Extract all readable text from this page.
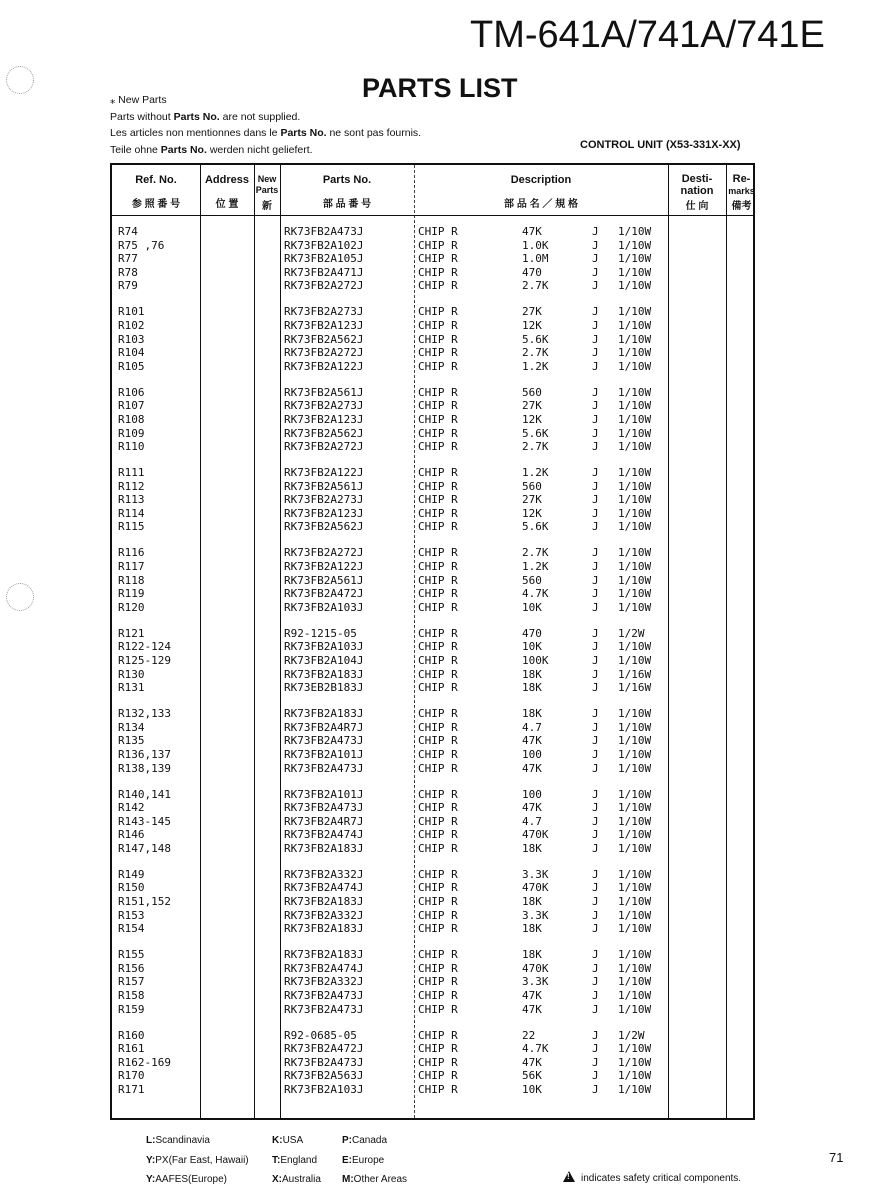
TM-641A/741A/741E
PARTS LIST
⁎ New Parts
Parts without Parts No. are not supplied.
Les articles non mentionnes dans le Parts No. ne sont pas fournis.
Teile ohne Parts No. werden nicht geliefert.	CONTROL UNIT (X53-331X-XX)
Ref. No.
参 照 番 号
Address
位 置
New
Parts
新
Parts No.
部 品 番 号
Description
部 品 名 ／ 規 格
Desti-
nation
仕 向
Re-
marks
備考
R74	RK73FB2A473J	CHIP R	47K	J 1/10W
R75 ,76	RK73FB2A102J	CHIP R	1.0K	J 1/10W
R77	RK73FB2A105J	CHIP R	1.0M	J 1/10W
R78	RK73FB2A471J	CHIP R	470	J 1/10W
R79	RK73FB2A272J	CHIP R	2.7K	J 1/10W
R101	RK73FB2A273J	CHIP R	27K	J 1/10W
R102	RK73FB2A123J	CHIP R	12K	J 1/10W
R103	RK73FB2A562J	CHIP R	5.6K	J 1/10W
R104	RK73FB2A272J	CHIP R	2.7K	J 1/10W
R105	RK73FB2A122J	CHIP R	1.2K	J 1/10W
R106	RK73FB2A561J	CHIP R	560	J 1/10W
R107	RK73FB2A273J	CHIP R	27K	J 1/10W
R108	RK73FB2A123J	CHIP R	12K	J 1/10W
R109	RK73FB2A562J	CHIP R	5.6K	J 1/10W
R110	RK73FB2A272J	CHIP R	2.7K	J 1/10W
R111	RK73FB2A122J	CHIP R	1.2K	J 1/10W
R112	RK73FB2A561J	CHIP R	560	J 1/10W
R113	RK73FB2A273J	CHIP R	27K	J 1/10W
R114	RK73FB2A123J	CHIP R	12K	J 1/10W
R115	RK73FB2A562J	CHIP R	5.6K	J 1/10W
R116	RK73FB2A272J	CHIP R	2.7K	J 1/10W
R117	RK73FB2A122J	CHIP R	1.2K	J 1/10W
R118	RK73FB2A561J	CHIP R	560	J 1/10W
R119	RK73FB2A472J	CHIP R	4.7K	J 1/10W
R120	RK73FB2A103J	CHIP R	10K	J 1/10W
R121	R92-1215-05	CHIP R	470	J 1/2W
R122-124	RK73FB2A103J	CHIP R	10K	J 1/10W
R125-129	RK73FB2A104J	CHIP R	100K	J 1/10W
R130	RK73FB2A183J	CHIP R	18K	J 1/16W
R131	RK73EB2B183J	CHIP R	18K	J 1/16W
R132,133	RK73FB2A183J	CHIP R	18K	J 1/10W
R134	RK73FB2A4R7J	CHIP R	4.7	J 1/10W
R135	RK73FB2A473J	CHIP R	47K	J 1/10W
R136,137	RK73FB2A101J	CHIP R	100	J 1/10W
R138,139	RK73FB2A473J	CHIP R	47K	J 1/10W
R140,141	RK73FB2A101J	CHIP R	100	J 1/10W
R142	RK73FB2A473J	CHIP R	47K	J 1/10W
R143-145	RK73FB2A4R7J	CHIP R	4.7	J 1/10W
R146	RK73FB2A474J	CHIP R	470K	J 1/10W
R147,148	RK73FB2A183J	CHIP R	18K	J 1/10W
R149	RK73FB2A332J	CHIP R	3.3K	J 1/10W
R150	RK73FB2A474J	CHIP R	470K	J 1/10W
R151,152	RK73FB2A183J	CHIP R	18K	J 1/10W
R153	RK73FB2A332J	CHIP R	3.3K	J 1/10W
R154	RK73FB2A183J	CHIP R	18K	J 1/10W
R155	RK73FB2A183J	CHIP R	18K	J 1/10W
R156	RK73FB2A474J	CHIP R	470K	J 1/10W
R157	RK73FB2A332J	CHIP R	3.3K	J 1/10W
R158	RK73FB2A473J	CHIP R	47K	J 1/10W
R159	RK73FB2A473J	CHIP R	47K	J 1/10W
R160	R92-0685-05	CHIP R	22	J 1/2W
R161	RK73FB2A472J	CHIP R	4.7K	J 1/10W
R162-169	RK73FB2A473J	CHIP R	47K	J 1/10W
R170	RK73FB2A563J	CHIP R	56K	J 1/10W
R171	RK73FB2A103J	CHIP R	10K	J 1/10W
L:Scandinavia	K:USA	P:Canada
Y:PX(Far East, Hawaii) T:England E:Europe
Y:AAFES(Europe)	X:Australia M:Other Areas
71
!indicates safety critical components.
